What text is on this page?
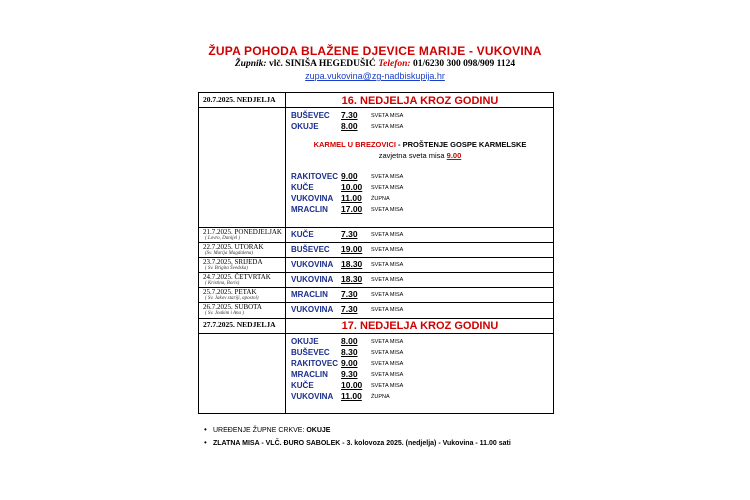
ŽUPA POHODA BLAŽENE DJEVICE MARIJE - VUKOVINA
Župnik: vlč. SINIŠA HEGEDUŠIĆ Telefon: 01/6230 300 098/909 1124
zupa.vukovina@zg-nadbiskupija.hr
20.7.2025. NEDJELJA	16. NEDJELJA KROZ GODINU
BUŠEVEC 7.30 SVETA MISA
OKUJE	8.00 SVETA MISA
KARMEL U BREZOVICI - PROŠTENJE GOSPE KARMELSKE
zavjetna sveta misa 9.00
RAKITOVEC 9.00 SVETA MISA
KUČE	10.00 SVETA MISA
VUKOVINA 11.00 ŽUPNA
MRACLIN 17.00 SVETA MISA
21.7.2025. PONEDJELJAK
( Lovro, Danijel )	KUČE	7.30 SVETA MISA
22.7.2025. UTORAK
(Sv. Marija Magdalena)	BUŠEVEC 19.00 SVETA MISA
23.7.2025. SRIJEDA
( Sv. Brigita Švedska)	VUKOVINA 18.30 SVETA MISA
24.7.2025. ČETVRTAK
( Kristina, Boris)	VUKOVINA 18.30 SVETA MISA
25.7.2025. PETAK
( Sv. Jakov stariji, apostol)	MRACLIN 7.30 SVETA MISA
26.7.2025. SUBOTA
( Sv. Joakim i Ana )	VUKOVINA 7.30 SVETA MISA
27.7.2025. NEDJELJA	17. NEDJELJA KROZ GODINU
OKUJE	8.00 SVETA MISA
BUŠEVEC 8.30 SVETA MISA
RAKITOVEC 9.00 SVETA MISA
MRACLIN 9.30 SVETA MISA
KUČE	10.00 SVETA MISA
VUKOVINA 11.00 ŽUPNA
• UREĐENJE ŽUPNE CRKVE: OKUJE
• ZLATNA MISA - VLČ. ĐURO SABOLEK - 3. kolovoza 2025. (nedjelja) - Vukovina - 11.00 sati
